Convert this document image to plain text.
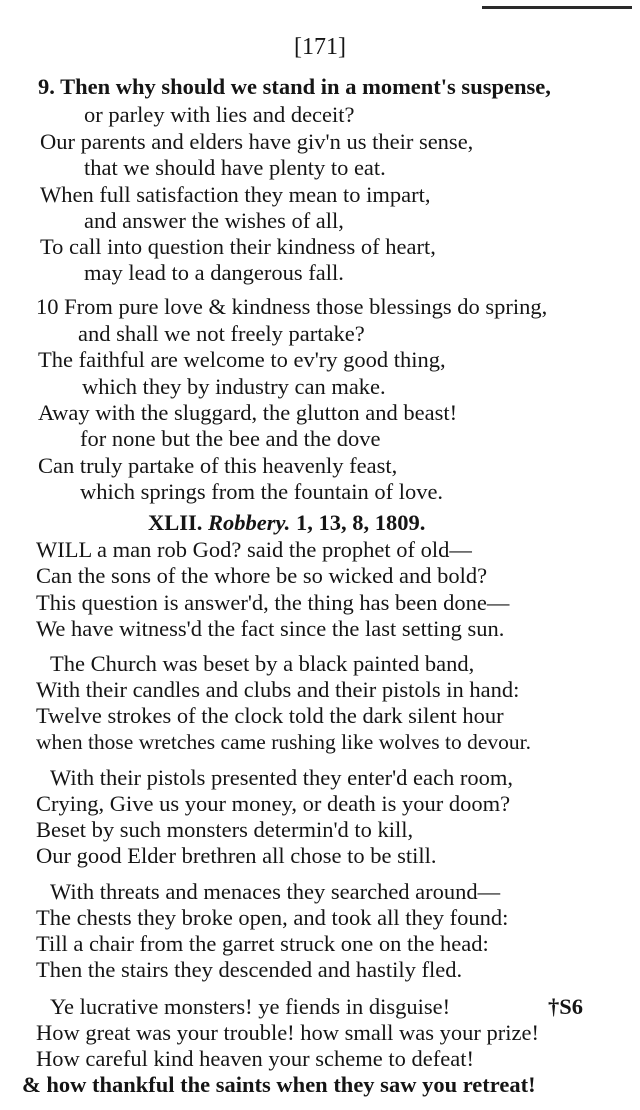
[171]
9. Then why should we stand in a moment's suspense,
or parley with lies and deceit?
Our parents and elders have giv'n us their sense,
that we should have plenty to eat.
When full satisfaction they mean to impart,
and answer the wishes of all,
To call into question their kindness of heart,
may lead to a dangerous fall.
10 From pure love & kindness those blessings do spring,
and shall we not freely partake?
The faithful are welcome to ev'ry good thing,
which they by industry can make.
Away with the sluggard, the glutton and beast!
for none but the bee and the dove
Can truly partake of this heavenly feast,
which springs from the fountain of love.
XLII. Robbery. 1, 13, 8, 1809.
WILL a man rob God? said the prophet of old—
Can the sons of the whore be so wicked and bold?
This question is answer'd, the thing has been done—
We have witness'd the fact since the last setting sun.
The Church was beset by a black painted band,
With their candles and clubs and their pistols in hand:
Twelve strokes of the clock told the dark silent hour
when those wretches came rushing like wolves to devour.
With their pistols presented they enter'd each room,
Crying, Give us your money, or death is your doom?
Beset by such monsters determin'd to kill,
Our good Elder brethren all chose to be still.
With threats and menaces they searched around—
The chests they broke open, and took all they found:
Till a chair from the garret struck one on the head:
Then the stairs they descended and hastily fled.
Ye lucrative monsters! ye fiends in disguise!	†S6
How great was your trouble! how small was your prize!
How careful kind heaven your scheme to defeat!
& how thankful the saints when they saw you retreat!
